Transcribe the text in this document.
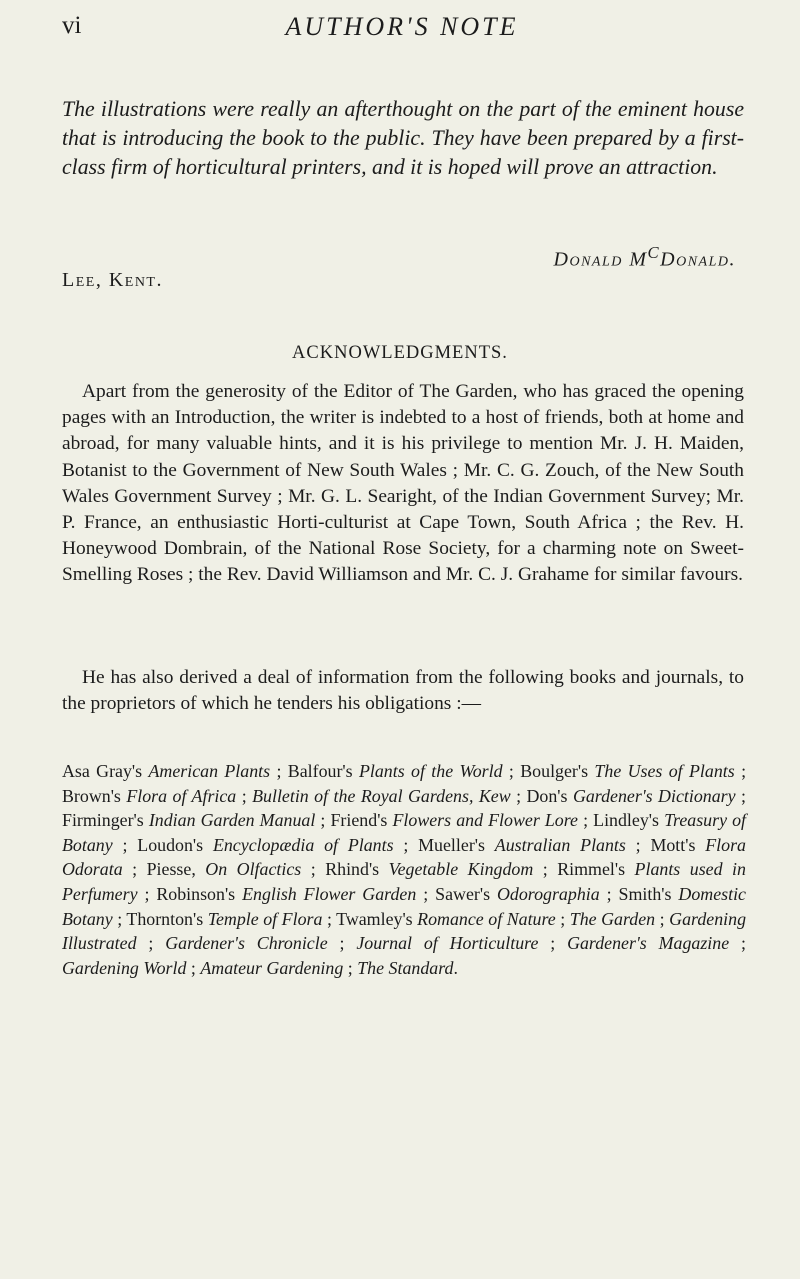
vi	AUTHOR'S NOTE

The illustrations were really an afterthought on the part of the eminent house that is introducing the book to the public. They have been prepared by a first-class firm of horticultural printers, and it is hoped will prove an attraction.

Donald $M^CDonald$.
Lee, Kent.
ACKNOWLEDGMENTS.

Apart from the generosity of the Editor of The Garden, who has graced the opening pages with an Introduction, the writer is indebted to a host of friends, both at home and abroad, for many valuable hints, and it is his privilege to mention Mr. J. H. Maiden, Botanist to the Government of New South Wales ; Mr. C. G. Zouch, of the New South Wales Government Survey ; Mr. G. L. Searight, of the Indian Government Survey; Mr. P. France, an enthusiastic Horti-culturist at Cape Town, South Africa ; the Rev. H. Honeywood Dombrain, of the National Rose Society, for a charming note on Sweet-Smelling Roses ; the Rev. David Williamson and Mr. C. J. Grahame for similar favours.

He has also derived a deal of information from the following books and journals, to the proprietors of which he tenders his obligations :—

Asa Gray's American Plants ; Balfour's Plants of the World ; Boulger's The Uses of Plants ; Brown's Flora of Africa ; Bulletin of the Royal Gardens, Kew ; Don's Gardener's Dictionary ; Firminger's Indian Garden Manual ; Friend's Flowers and Flower Lore ; Lindley's Treasury of Botany ; Loudon's Encyclopædia of Plants ; Mueller's Australian Plants ; Mott's Flora Odorata ; Piesse, On Olfactics ; Rhind's Vegetable Kingdom ; Rimmel's Plants used in Perfumery ; Robinson's English Flower Garden ; Sawer's Odorographia ; Smith's Domestic Botany ; Thornton's Temple of Flora ; Twamley's Romance of Nature ; The Garden ; Gardening Illustrated ; Gardener's Chronicle ; Journal of Horticulture ; Gardener's Magazine ; Gardening World ; Amateur Gardening ; The Standard.
